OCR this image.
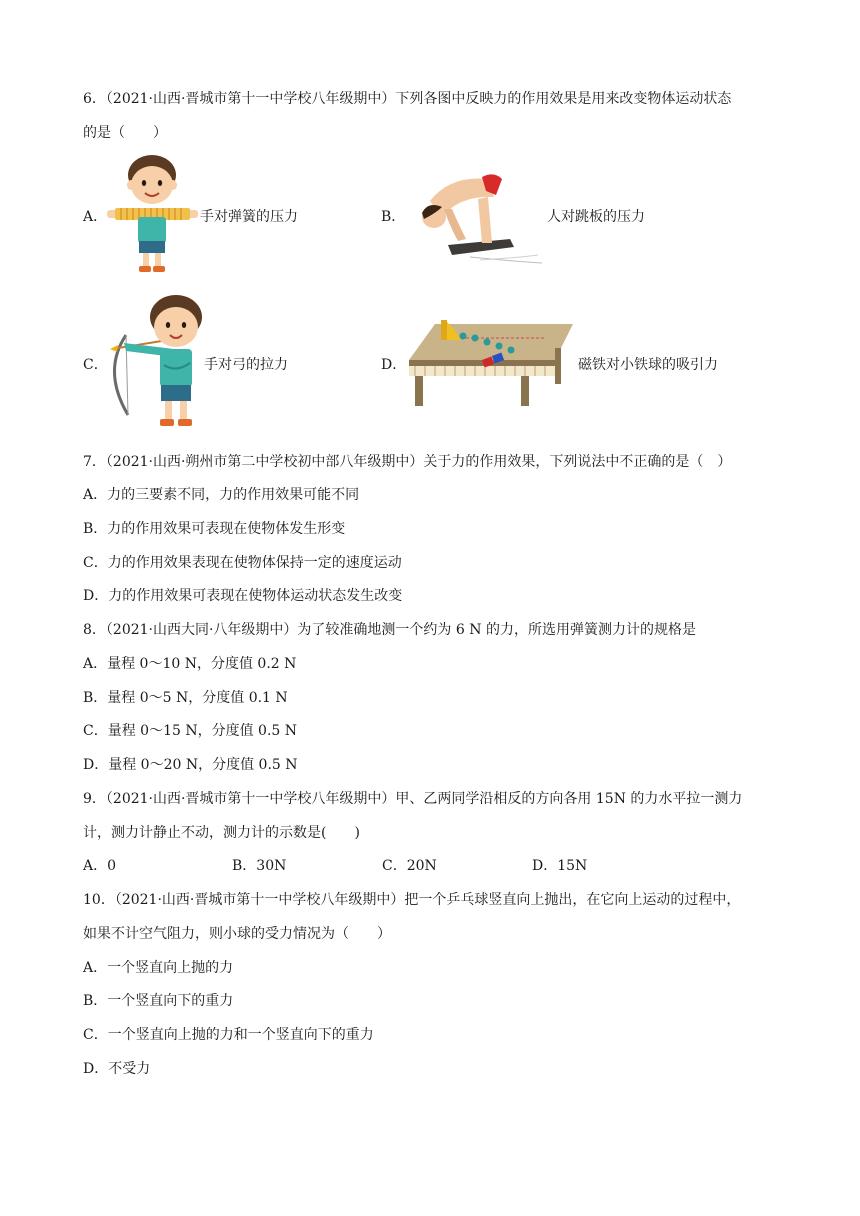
6．（2021·山西·晋城市第十一中学校八年级期中）下列各图中反映力的作用效果是用来改变物体运动状态
的是（　　）
A．	手对弹簧的压力	B．	人对跳板的压力
C．	手对弓的拉力	D．	磁铁对小铁球的吸引力
7．（2021·山西·朔州市第二中学校初中部八年级期中）关于力的作用效果，下列说法中不正确的是（　）
A．力的三要素不同，力的作用效果可能不同
B．力的作用效果可表现在使物体发生形变
C．力的作用效果表现在使物体保持一定的速度运动
D．力的作用效果可表现在使物体运动状态发生改变
8．（2021·山西大同·八年级期中）为了较准确地测一个约为 6 N 的力，所选用弹簧测力计的规格是
A．量程 0～10 N，分度值 0.2 N
B．量程 0～5 N，分度值 0.1 N
C．量程 0～15 N，分度值 0.5 N
D．量程 0～20 N，分度值 0.5 N
9．（2021·山西·晋城市第十一中学校八年级期中）甲、乙两同学沿相反的方向各用 15N 的力水平拉一测力
计，测力计静止不动，测力计的示数是(　　)
A．0	B．30N	C．20N	D．15N
10．（2021·山西·晋城市第十一中学校八年级期中）把一个乒乓球竖直向上抛出，在它向上运动的过程中，
如果不计空气阻力，则小球的受力情况为（　　）
A．一个竖直向上抛的力
B．一个竖直向下的重力
C．一个竖直向上抛的力和一个竖直向下的重力
D．不受力
